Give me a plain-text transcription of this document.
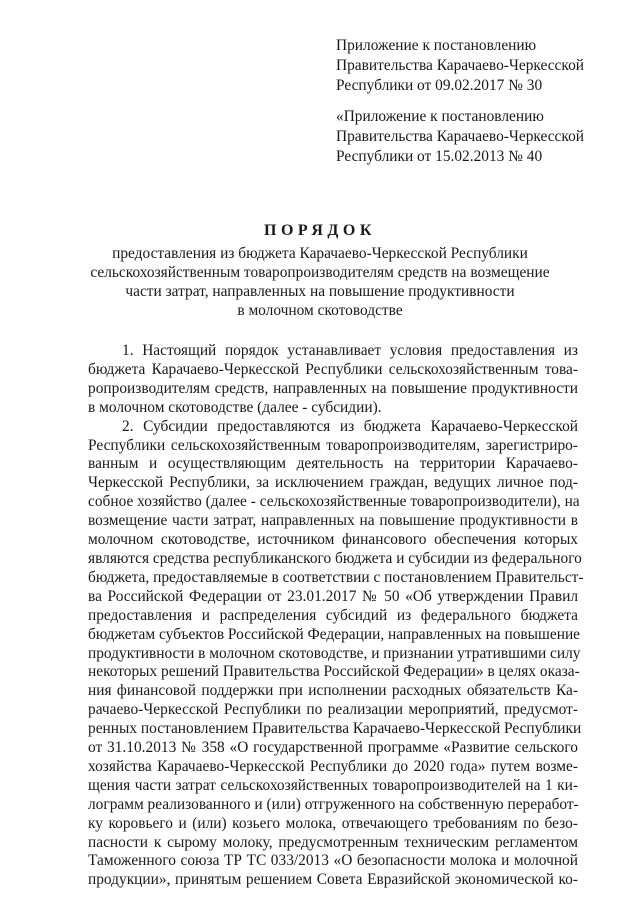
Приложение к постановлению

Правительства Карачаево-Черкесской

Республики от 09.02.2017 № 30

«Приложение к постановлению

Правительства Карачаево-Черкесской

Республики от 15.02.2013 № 40

ПОРЯДОК

предоставления из бюджета Карачаево-Черкесской Республики

сельскохозяйственным товаропроизводителям средств на возмещение

части затрат, направленных на повышение продуктивности

в молочном скотоводстве

1. Настоящий порядок устанавливает условия предоставления из

бюджета Карачаево-Черкесской Республики сельскохозяйственным това-

ропроизводителям средств, направленных на повышение продуктивности

в молочном скотоводстве (далее - субсидии).

2. Субсидии предоставляются из бюджета Карачаево-Черкесской

Республики сельскохозяйственным товаропроизводителям, зарегистриро-

ванным и осуществляющим деятельность на территории Карачаево-

Черкесской Республики, за исключением граждан, ведущих личное под-

собное хозяйство (далее - сельскохозяйственные товаропроизводители), на

возмещение части затрат, направленных на повышение продуктивности в

молочном скотоводстве, источником финансового обеспечения которых

являются средства республиканского бюджета и субсидии из федерального

бюджета, предоставляемые в соответствии с постановлением Правительст-

ва Российской Федерации от 23.01.2017 № 50 «Об утверждении Правил

предоставления и распределения субсидий из федерального бюджета

бюджетам субъектов Российской Федерации, направленных на повышение

продуктивности в молочном скотоводстве, и признании утратившими силу

некоторых решений Правительства Российской Федерации» в целях оказа-

ния финансовой поддержки при исполнении расходных обязательств Ка-

рачаево-Черкесской Республики по реализации мероприятий, предусмот-

ренных постановлением Правительства Карачаево-Черкесской Республики

от 31.10.2013 № 358 «О государственной программе «Развитие сельского

хозяйства Карачаево-Черкесской Республики до 2020 года» путем возме-

щения части затрат сельскохозяйственных товаропроизводителей на 1 ки-

лограмм реализованного и (или) отгруженного на собственную переработ-

ку коровьего и (или) козьего молока, отвечающего требованиям по безо-

пасности к сырому молоку, предусмотренным техническим регламентом

Таможенного союза ТР ТС 033/2013 «О безопасности молока и молочной

продукции», принятым решением Совета Евразийской экономической ко-
